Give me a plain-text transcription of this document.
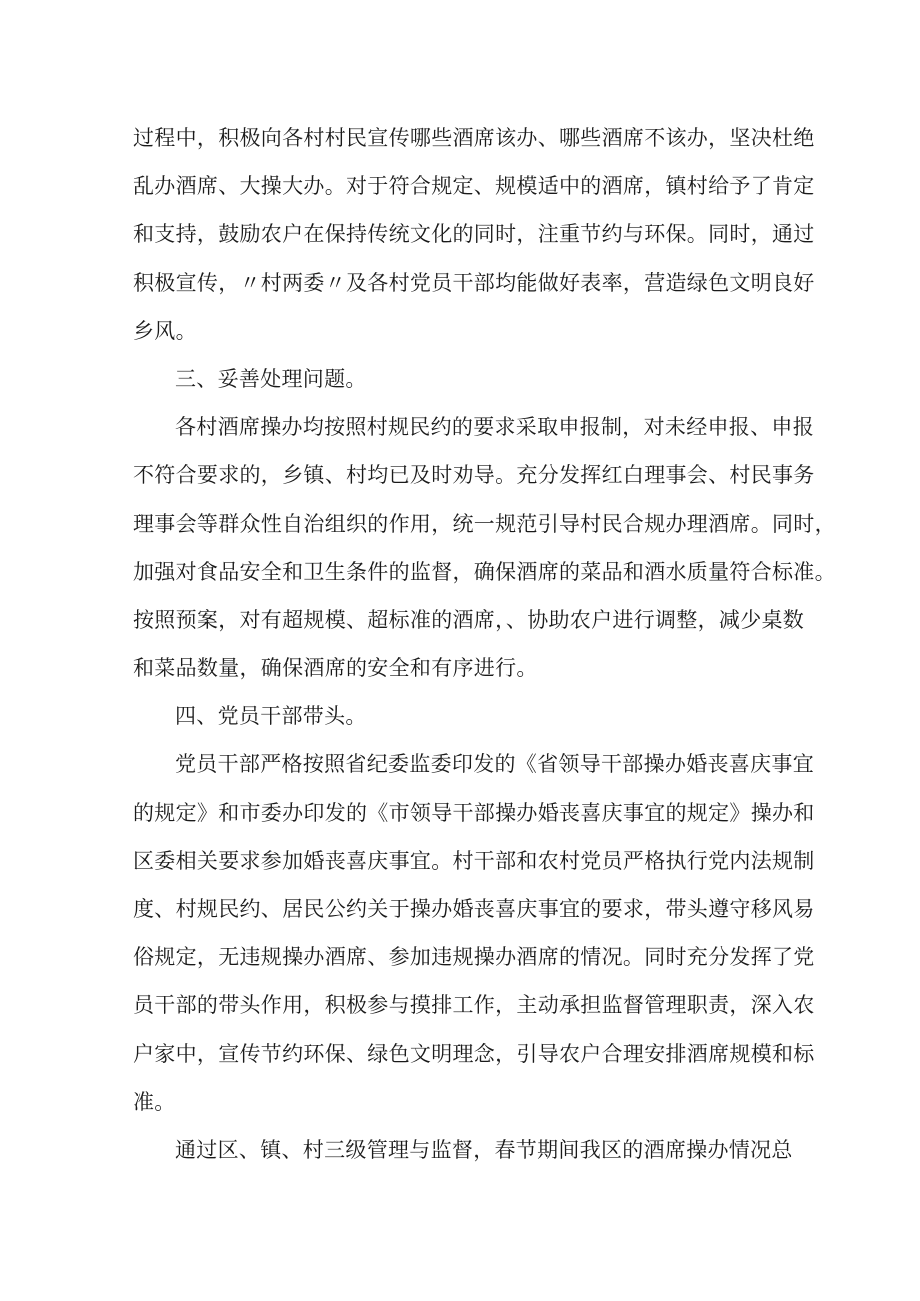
过程中，积极向各村村民宣传哪些酒席该办、哪些酒席不该办，坚决杜绝
乱办酒席、大操大办。对于符合规定、规模适中的酒席，镇村给予了肯定
和支持，鼓励农户在保持传统文化的同时，注重节约与环保。同时，通过
积极宣传，〃村两委〃及各村党员干部均能做好表率，营造绿色文明良好
乡风。
三、妥善处理问题。
各村酒席操办均按照村规民约的要求采取申报制，对未经申报、申报
不符合要求的，乡镇、村均已及时劝导。充分发挥红白理事会、村民事务
理事会等群众性自治组织的作用，统一规范引导村民合规办理酒席。同时，
加强对食品安全和卫生条件的监督，确保酒席的菜品和酒水质量符合标准。
按照预案，对有超规模、超标准的酒席，、协助农户进行调整，减少桌数
和菜品数量，确保酒席的安全和有序进行。
四、党员干部带头。
党员干部严格按照省纪委监委印发的《省领导干部操办婚丧喜庆事宜
的规定》和市委办印发的《市领导干部操办婚丧喜庆事宜的规定》操办和
区委相关要求参加婚丧喜庆事宜。村干部和农村党员严格执行党内法规制
度、村规民约、居民公约关于操办婚丧喜庆事宜的要求，带头遵守移风易
俗规定，无违规操办酒席、参加违规操办酒席的情况。同时充分发挥了党
员干部的带头作用，积极参与摸排工作，主动承担监督管理职责，深入农
户家中，宣传节约环保、绿色文明理念，引导农户合理安排酒席规模和标
准。
通过区、镇、村三级管理与监督，春节期间我区的酒席操办情况总
